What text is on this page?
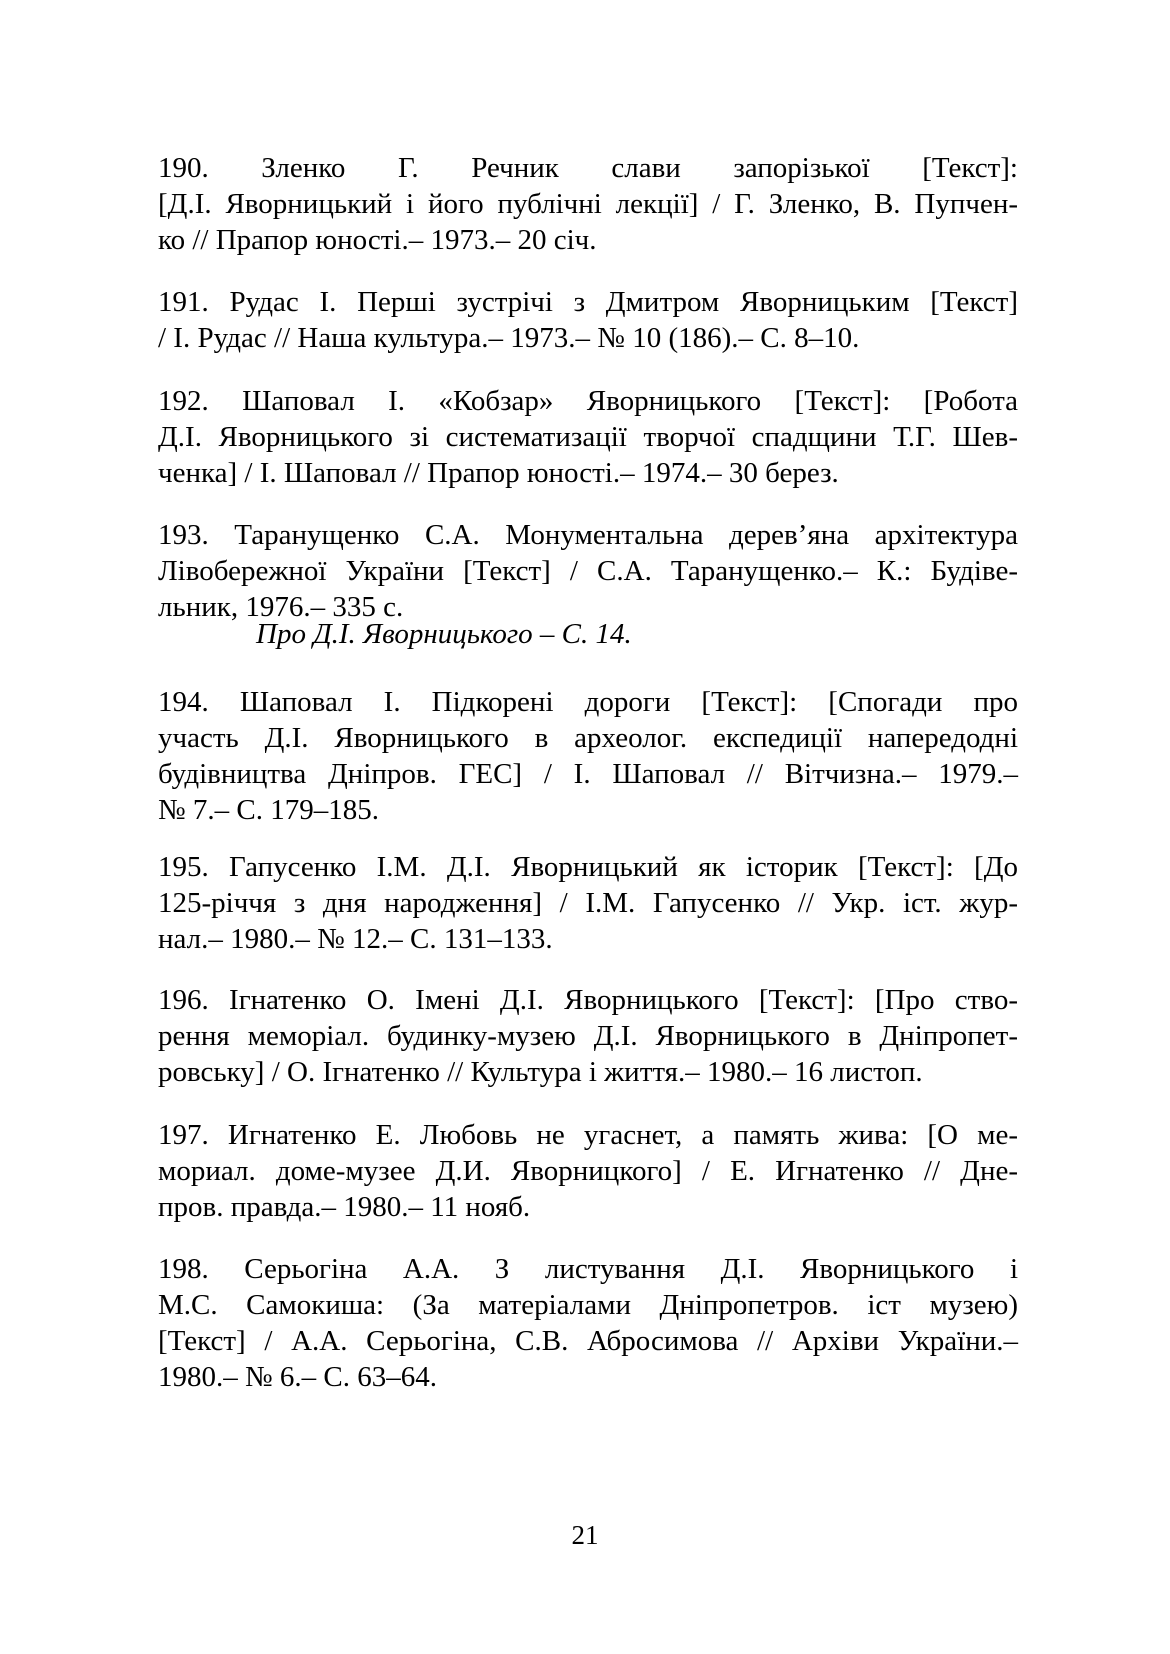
190. Зленко Г. Речник слави запорізької [Текст]:
[Д.І. Яворницький і його публічні лекції] / Г. Зленко, В. Пупчен-
ко // Прапор юності.– 1973.– 20 січ.
191. Рудас І. Перші зустрічі з Дмитром Яворницьким [Текст]
/ І. Рудас // Наша культура.– 1973.– № 10 (186).– С. 8–10.
192. Шаповал І. «Кобзар» Яворницького [Текст]: [Робота
Д.І. Яворницького зі систематизації творчої спадщини Т.Г. Шев-
ченка] / І. Шаповал // Прапор юності.– 1974.– 30 берез.
193. Таранущенко С.А. Монументальна дерев’яна архітектура
Лівобережної України [Текст] / С.А. Таранущенко.– К.: Будіве-
льник, 1976.– 335 с.
Про Д.І. Яворницького – С. 14.
194. Шаповал І. Підкорені дороги [Текст]: [Спогади про
участь Д.І. Яворницького в археолог. експедиції напередодні
будівництва Дніпров. ГЕС] / І. Шаповал // Вітчизна.– 1979.–
№ 7.– С. 179–185.
195. Гапусенко І.М. Д.І. Яворницький як історик [Текст]: [До
125-річчя з дня народження] / І.М. Гапусенко // Укр. іст. жур-
нал.– 1980.– № 12.– С. 131–133.
196. Ігнатенко О. Імені Д.І. Яворницького [Текст]: [Про ство-
рення меморіал. будинку-музею Д.І. Яворницького в Дніпропет-
ровську] / О. Ігнатенко // Культура і життя.– 1980.– 16 листоп.
197. Игнатенко Е. Любовь не угаснет, а память жива: [О ме-
мориал. доме-музее Д.И. Яворницкого] / Е. Игнатенко // Дне-
пров. правда.– 1980.– 11 нояб.
198. Серьогіна А.А. З листування Д.І. Яворницького і
М.С. Самокиша: (За матеріалами Дніпропетров. іст музею)
[Текст] / А.А. Серьогіна, С.В. Абросимова // Архіви України.–
1980.– № 6.– С. 63–64.
21
